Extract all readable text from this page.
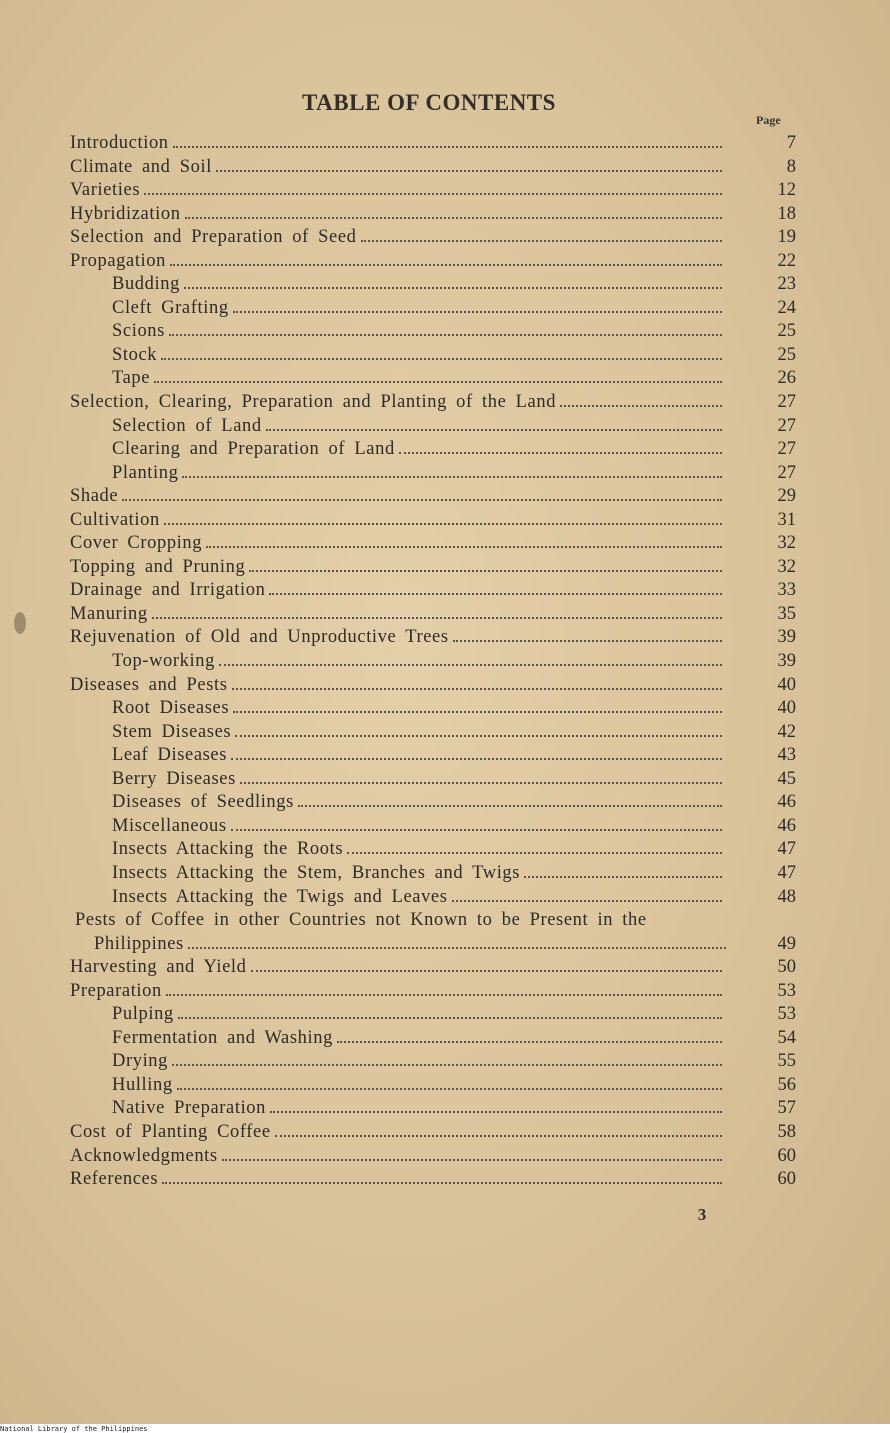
TABLE OF CONTENTS
Page
Introduction	7
Climate and Soil	8
Varieties	12
Hybridization	18
Selection and Preparation of Seed	19
Propagation	22
Budding	23
Cleft Grafting	24
Scions	25
Stock	25
Tape	26
Selection, Clearing, Preparation and Planting of the Land	27
Selection of Land	27
Clearing and Preparation of Land	27
Planting	27
Shade	29
Cultivation	31
Cover Cropping	32
Topping and Pruning	32
Drainage and Irrigation	33
Manuring	35
Rejuvenation of Old and Unproductive Trees	39
Top-working	39
Diseases and Pests	40
Root Diseases	40
Stem Diseases	42
Leaf Diseases	43
Berry Diseases	45
Diseases of Seedlings	46
Miscellaneous	46
Insects Attacking the Roots	47
Insects Attacking the Stem, Branches and Twigs	47
Insects Attacking the Twigs and Leaves	48
Pests of Coffee in other Countries not Known to be Present in the
Philippines	49
Harvesting and Yield	50
Preparation	53
Pulping	53
Fermentation and Washing	54
Drying	55
Hulling	56
Native Preparation	57
Cost of Planting Coffee	58
Acknowledgments	60
References	60
3
National Library of the Philippines
